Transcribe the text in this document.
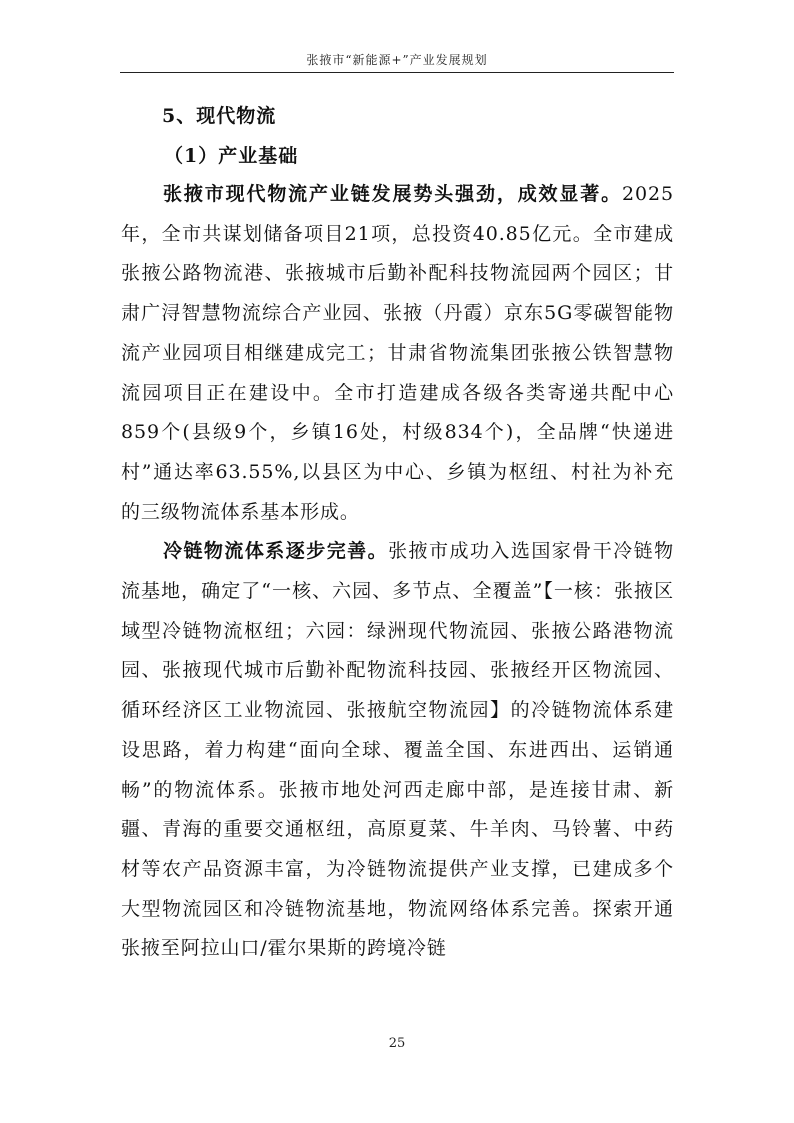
张掖市“新能源+”产业发展规划
5、现代物流
（1）产业基础

张掖市现代物流产业链发展势头强劲，成效显著。2025年，全市共谋划储备项目21项，总投资40.85亿元。全市建成张掖公路物流港、张掖城市后勤补配科技物流园两个园区；甘肃广浔智慧物流综合产业园、张掖（丹霞）京东5G零碳智能物流产业园项目相继建成完工；甘肃省物流集团张掖公铁智慧物流园项目正在建设中。全市打造建成各级各类寄递共配中心859个(县级9个，乡镇16处，村级834个)，全品牌“快递进村”通达率63.55%,以县区为中心、乡镇为枢纽、村社为补充的三级物流体系基本形成。

冷链物流体系逐步完善。张掖市成功入选国家骨干冷链物流基地，确定了“一核、六园、多节点、全覆盖”【一核：张掖区域型冷链物流枢纽；六园：绿洲现代物流园、张掖公路港物流园、张掖现代城市后勤补配物流科技园、张掖经开区物流园、循环经济区工业物流园、张掖航空物流园】的冷链物流体系建设思路，着力构建“面向全球、覆盖全国、东进西出、运销通畅”的物流体系。张掖市地处河西走廊中部，是连接甘肃、新疆、青海的重要交通枢纽，高原夏菜、牛羊肉、马铃薯、中药材等农产品资源丰富，为冷链物流提供产业支撑，已建成多个大型物流园区和冷链物流基地，物流网络体系完善。探索开通张掖至阿拉山口/霍尔果斯的跨境冷链

25
